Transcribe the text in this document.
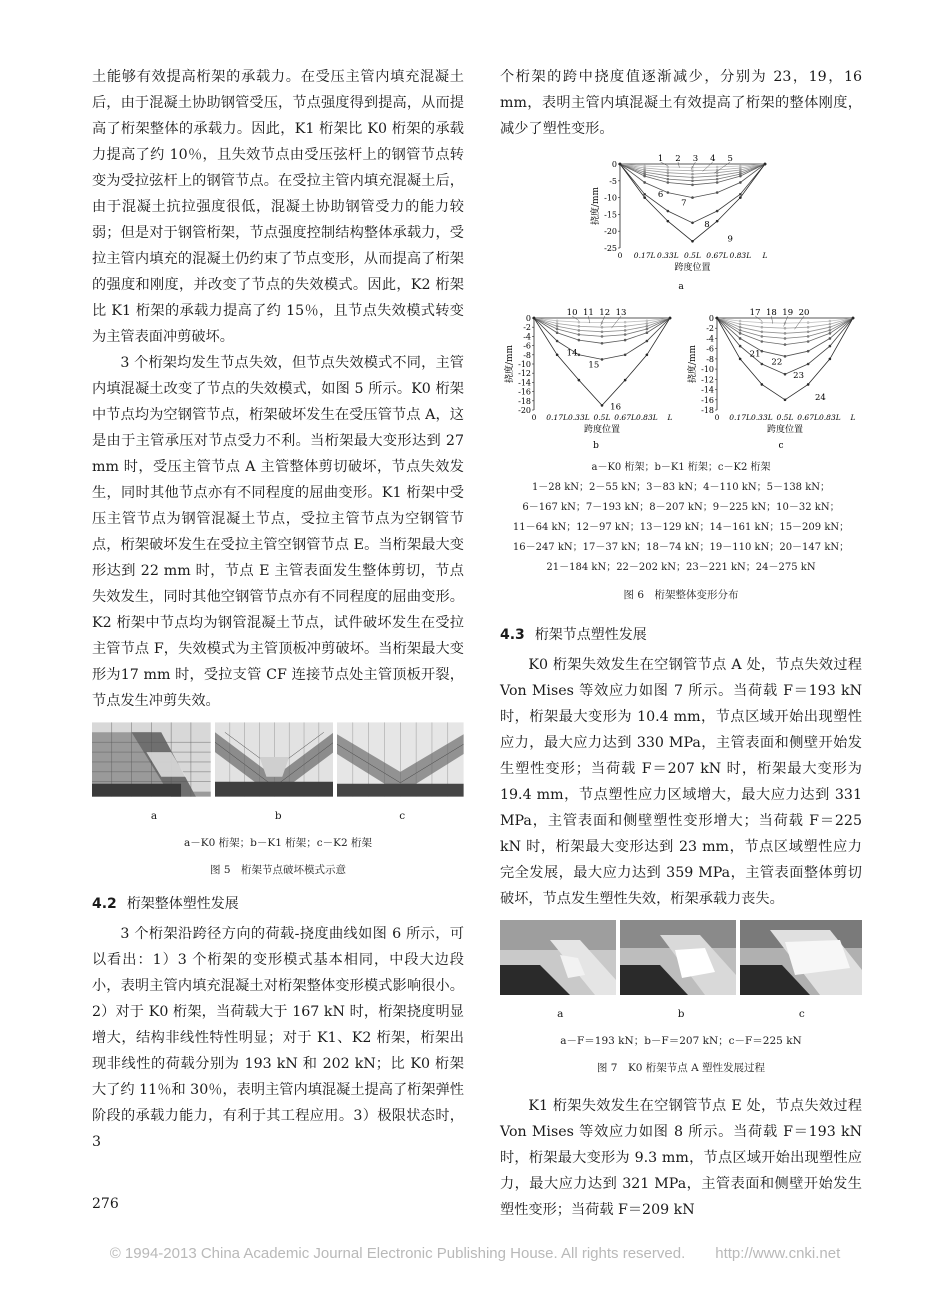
土能够有效提高桁架的承载力。在受压主管内填充混凝土后，由于混凝土协助钢管受压，节点强度得到提高，从而提高了桁架整体的承载力。因此，K1 桁架比 K0 桁架的承载力提高了约 10％，且失效节点由受压弦杆上的钢管节点转变为受拉弦杆上的钢管节点。在受拉主管内填充混凝土后，由于混凝土抗拉强度很低，混凝土协助钢管受力的能力较弱；但是对于钢管桁架，节点强度控制结构整体承载力，受拉主管内填充的混凝土仍约束了节点变形，从而提高了桁架的强度和刚度，并改变了节点的失效模式。因此，K2 桁架比 K1 桁架的承载力提高了约 15％，且节点失效模式转变为主管表面冲剪破坏。

3 个桁架均发生节点失效，但节点失效模式不同，主管内填混凝土改变了节点的失效模式，如图 5 所示。K0 桁架中节点均为空钢管节点，桁架破坏发生在受压管节点 A，这是由于主管承压对节点受力不利。当桁架最大变形达到 27 mm 时，受压主管节点 A 主管整体剪切破坏，节点失效发生，同时其他节点亦有不同程度的屈曲变形。K1 桁架中受压主管节点为钢管混凝土节点，受拉主管节点为空钢管节点，桁架破坏发生在受拉主管空钢管节点 E。当桁架最大变形达到 22 mm 时，节点 E 主管表面发生整体剪切，节点失效发生，同时其他空钢管节点亦有不同程度的屈曲变形。K2 桁架中节点均为钢管混凝土节点，试件破坏发生在受拉主管节点 F，失效模式为主管顶板冲剪破坏。当桁架最大变形为17 mm 时，受拉支管 CF 连接节点处主管顶板开裂，节点发生冲剪失效。

a	b	c
a－K0 桁架；b－K1 桁架；c－K2 桁架
图 5　桁架节点破坏模式示意
4.2 桁架整体塑性发展

3 个桁架沿跨径方向的荷载-挠度曲线如图 6 所示，可以看出：1）3 个桁架的变形模式基本相同，中段大边段小，表明主管内填充混凝土对桁架整体变形模式影响很小。2）对于 K0 桁架，当荷载大于 167 kN 时，桁架挠度明显增大，结构非线性特性明显；对于 K1、K2 桁架，桁架出现非线性的荷载分别为 193 kN 和 202 kN；比 K0 桁架大了约 11％和 30％，表明主管内填混凝土提高了桁架弹性阶段的承载力能力，有利于其工程应用。3）极限状态时，3

个桁架的跨中挠度值逐渐减少，分别为 23，19，16 mm，表明主管内填混凝土有效提高了桁架的整体刚度，减少了塑性变形。

0
-5
-10
-15
-20
-25
0 0.17L 0.33L 0.5L 0.67L 0.83L L
跨度位置
挠度/mm
1 2 3 4 5
6
7
8
9
a
0
-2
-4
-6
-8
-10
-12
-14
-16
-18
-20
0 0.17L 0.33L 0.5L 0.67L 0.83L L
跨度位置
挠度/mm
10 11 12 13
14
15
16
b
0
-2
-4
-6
-8
-10
-12
-14
-16
-18
0 0.17L 0.33L 0.5L 0.67L 0.83L L
跨度位置
挠度/mm
17 18 19 20
21
22
23
24
c
a－K0 桁架；b－K1 桁架；c－K2 桁架
1－28 kN；2－55 kN；3－83 kN；4－110 kN；5－138 kN；
6－167 kN；7－193 kN；8－207 kN；9－225 kN；10－32 kN；
11－64 kN；12－97 kN；13－129 kN；14－161 kN；15－209 kN；
16－247 kN；17－37 kN；18－74 kN；19－110 kN；20－147 kN；
21－184 kN；22－202 kN；23－221 kN；24－275 kN
图 6　桁架整体变形分布
4.3 桁架节点塑性发展

K0 桁架失效发生在空钢管节点 A 处，节点失效过程 Von Mises 等效应力如图 7 所示。当荷载 F＝193 kN 时，桁架最大变形为 10.4 mm，节点区域开始出现塑性应力，最大应力达到 330 MPa，主管表面和侧壁开始发生塑性变形；当荷载 F＝207 kN 时，桁架最大变形为 19.4 mm，节点塑性应力区域增大，最大应力达到 331 MPa，主管表面和侧壁塑性变形增大；当荷载 F＝225 kN 时，桁架最大变形达到 23 mm，节点区域塑性应力完全发展，最大应力达到 359 MPa，主管表面整体剪切破坏，节点发生塑性失效，桁架承载力丧失。

a	b	c
a－F＝193 kN；b－F＝207 kN；c－F＝225 kN
图 7　K0 桁架节点 A 塑性发展过程

K1 桁架失效发生在空钢管节点 E 处，节点失效过程 Von Mises 等效应力如图 8 所示。当荷载 F＝193 kN 时，桁架最大变形为 9.3 mm，节点区域开始出现塑性应力，最大应力达到 321 MPa，主管表面和侧壁开始发生塑性变形；当荷载 F＝209 kN

276
© 1994-2013 China Academic Journal Electronic Publishing House. All rights reserved.　　http://www.cnki.net
